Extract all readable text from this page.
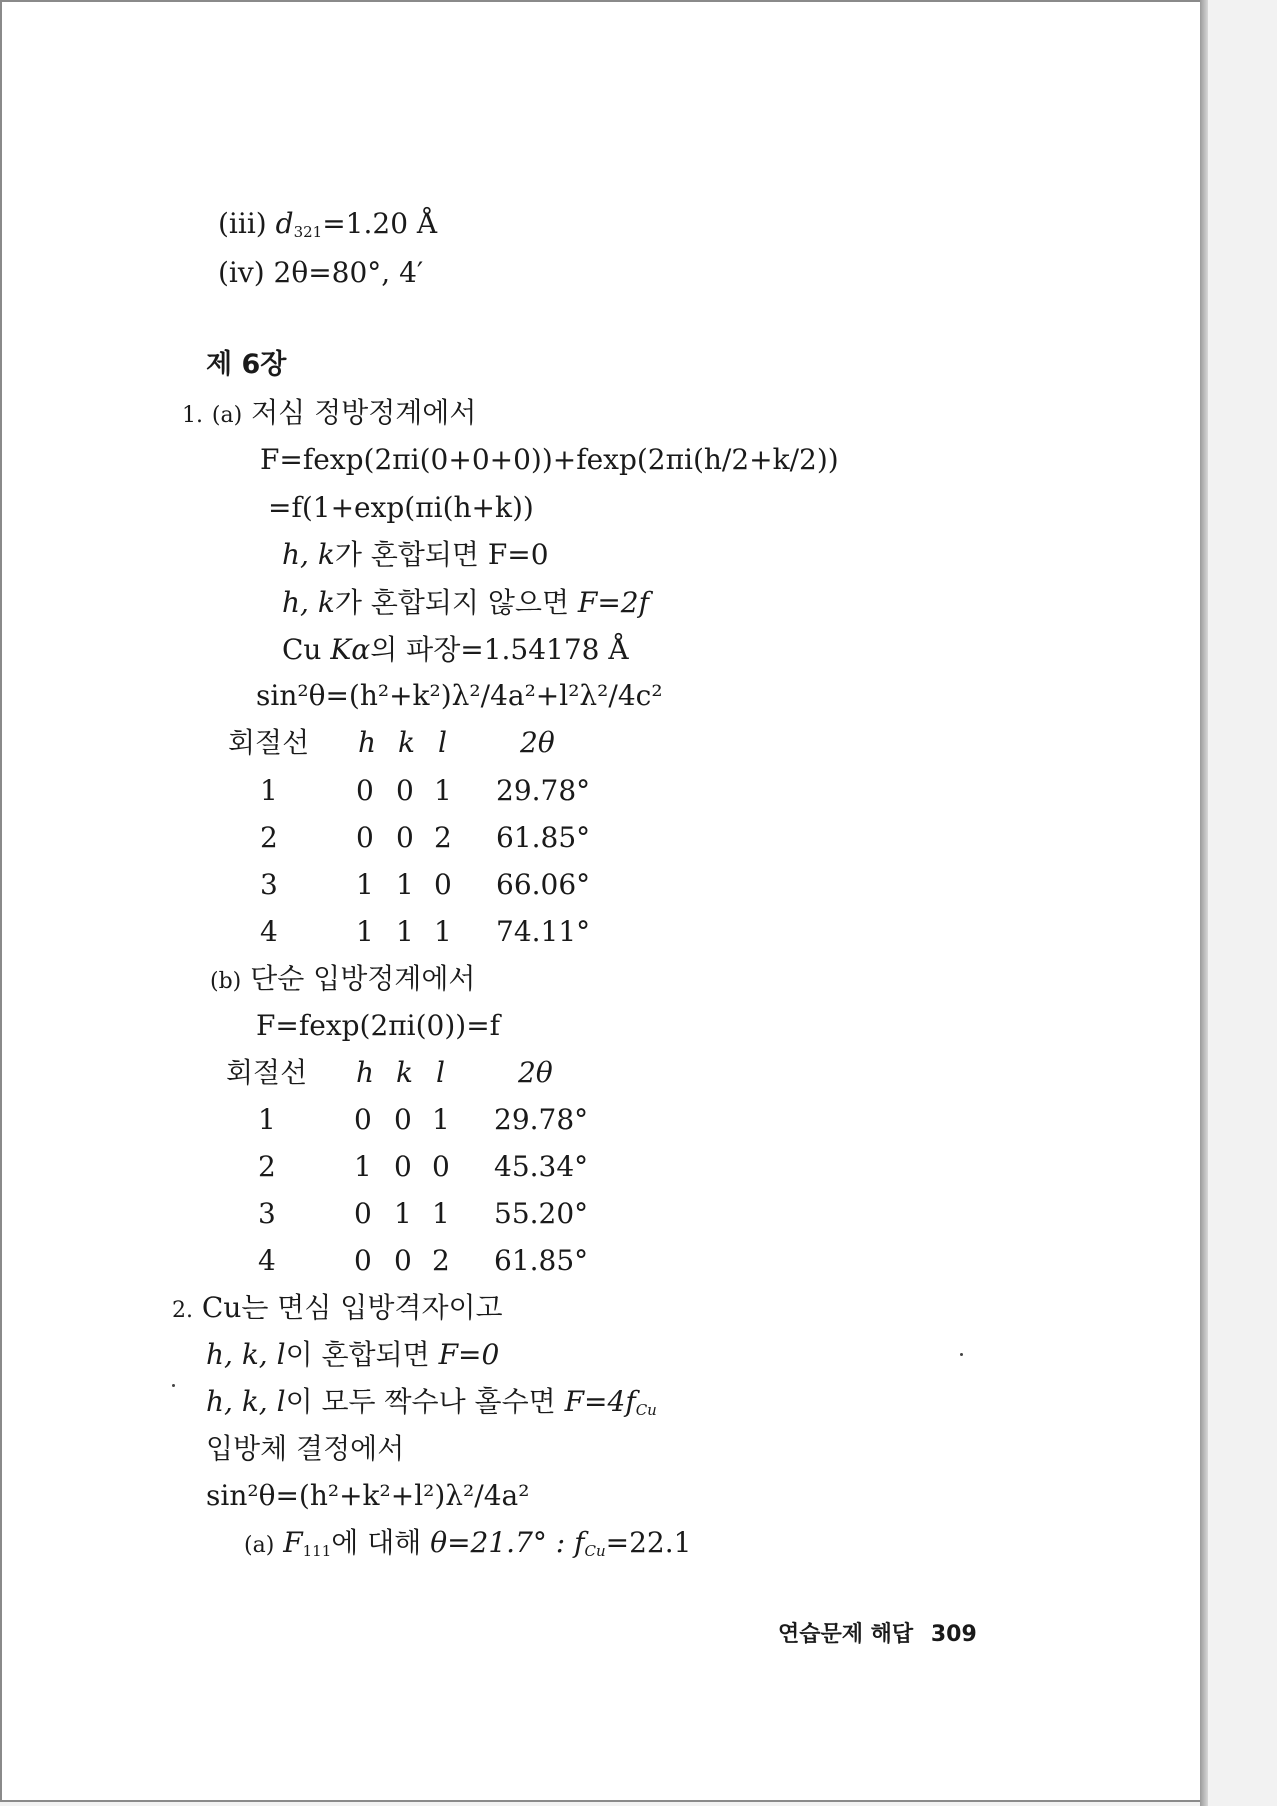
(iii) $d_{321}=1.20$ Å
(iv) 2θ=80°, 4′
제 6장
1. (a) 저심 정방정계에서
F=fexp(2πi(0+0+0))+fexp(2πi(h/2+k/2))
=f(1+exp(πi(h+k))
h, k가 혼합되면 F=0
h, k가 혼합되지 않으면 F=2f
Cu Kα의 파장=1.54178 Å
sin²θ=(h²+k²)λ²/4a²+l²λ²/4c²
회절선 h k l	2θ
1	0 0 1 29.78°
2	0 0 2 61.85°
3	1 1 0 66.06°
4	1 1 1 74.11°
(b) 단순 입방정계에서
F=fexp(2πi(0))=f
회절선 h k l	2θ
1	0 0 1 29.78°
2	1 0 0 45.34°
3	0 1 1 55.20°
4	0 0 2 61.85°
2. Cu는 면심 입방격자이고
h, k, l이 혼합되면 F=0
h, k, l이 모두 짝수나 홀수면 $F=4f_{Cu}$
입방체 결정에서
sin²θ=(h²+k²+l²)λ²/4a²
(a) $F_{111}$에 대해 θ=21.7° : $f_{Cu}=22.1$
연습문제 해답 309
